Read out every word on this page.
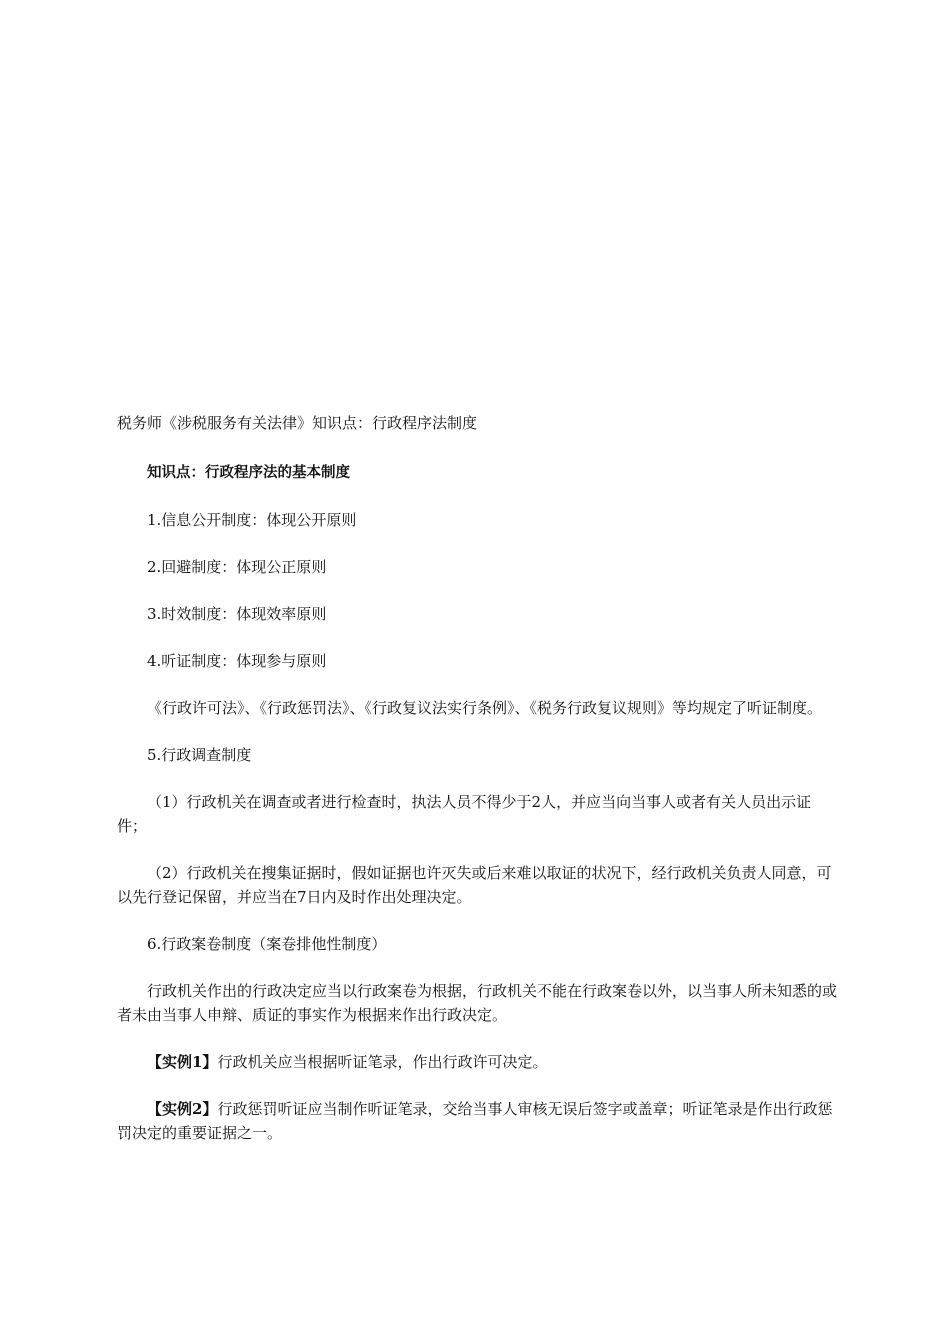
税务师《涉税服务有关法律》知识点：行政程序法制度

知识点：行政程序法的基本制度

1.信息公开制度：体现公开原则

2.回避制度：体现公正原则

3.时效制度：体现效率原则

4.听证制度：体现参与原则

《行政许可法》、《行政惩罚法》、《行政复议法实行条例》、《税务行政复议规则》等均规定了听证制度。

5.行政调查制度

（1）行政机关在调查或者进行检查时，执法人员不得少于2人，并应当向当事人或者有关人员出示证件；

（2）行政机关在搜集证据时，假如证据也许灭失或后来难以取证的状况下，经行政机关负责人同意，可以先行登记保留，并应当在7日内及时作出处理决定。

6.行政案卷制度（案卷排他性制度）

行政机关作出的行政决定应当以行政案卷为根据，行政机关不能在行政案卷以外，以当事人所未知悉的或者未由当事人申辩、质证的事实作为根据来作出行政决定。

【实例1】行政机关应当根据听证笔录，作出行政许可决定。

【实例2】行政惩罚听证应当制作听证笔录，交给当事人审核无误后签字或盖章；听证笔录是作出行政惩罚决定的重要证据之一。
